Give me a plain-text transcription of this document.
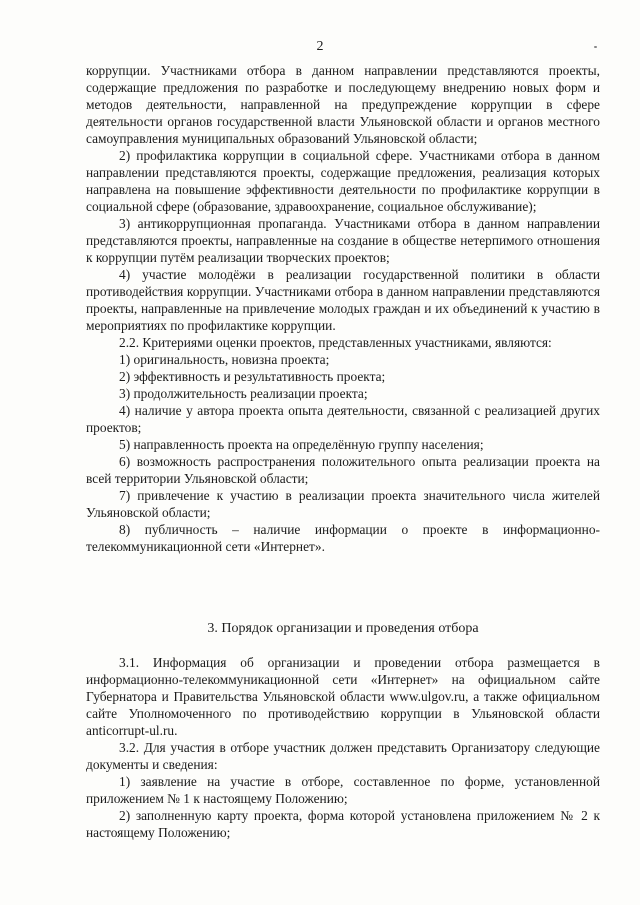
2

коррупции. Участниками отбора в данном направлении представляются проекты, содержащие предложения по разработке и последующему внедрению новых форм и методов деятельности, направленной на предупреждение коррупции в сфере деятельности органов государственной власти Ульяновской области и органов местного самоуправления муниципальных образований Ульяновской области;

2) профилактика коррупции в социальной сфере. Участниками отбора в данном направлении представляются проекты, содержащие предложения, реализация которых направлена на повышение эффективности деятельности по профилактике коррупции в социальной сфере (образование, здравоохранение, социальное обслуживание);

3) антикоррупционная пропаганда. Участниками отбора в данном направлении представляются проекты, направленные на создание в обществе нетерпимого отношения к коррупции путём реализации творческих проектов;

4) участие молодёжи в реализации государственной политики в области противодействия коррупции. Участниками отбора в данном направлении представляются проекты, направленные на привлечение молодых граждан и их объединений к участию в мероприятиях по профилактике коррупции.

2.2. Критериями оценки проектов, представленных участниками, являются:

1) оригинальность, новизна проекта;

2) эффективность и результативность проекта;

3) продолжительность реализации проекта;

4) наличие у автора проекта опыта деятельности, связанной с реализацией других проектов;

5) направленность проекта на определённую группу населения;

6) возможность распространения положительного опыта реализации проекта на всей территории Ульяновской области;

7) привлечение к участию в реализации проекта значительного числа жителей Ульяновской области;

8) публичность – наличие информации о проекте в информационно-телекоммуникационной сети «Интернет».

3. Порядок организации и проведения отбора

3.1. Информация об организации и проведении отбора размещается в информационно-телекоммуникационной сети «Интернет» на официальном сайте Губернатора и Правительства Ульяновской области www.ulgov.ru, а также официальном сайте Уполномоченного по противодействию коррупции в Ульяновской области anticorrupt-ul.ru.

3.2. Для участия в отборе участник должен представить Организатору следующие документы и сведения:

1) заявление на участие в отборе, составленное по форме, установленной приложением № 1 к настоящему Положению;

2) заполненную карту проекта, форма которой установлена приложением № 2 к настоящему Положению;
